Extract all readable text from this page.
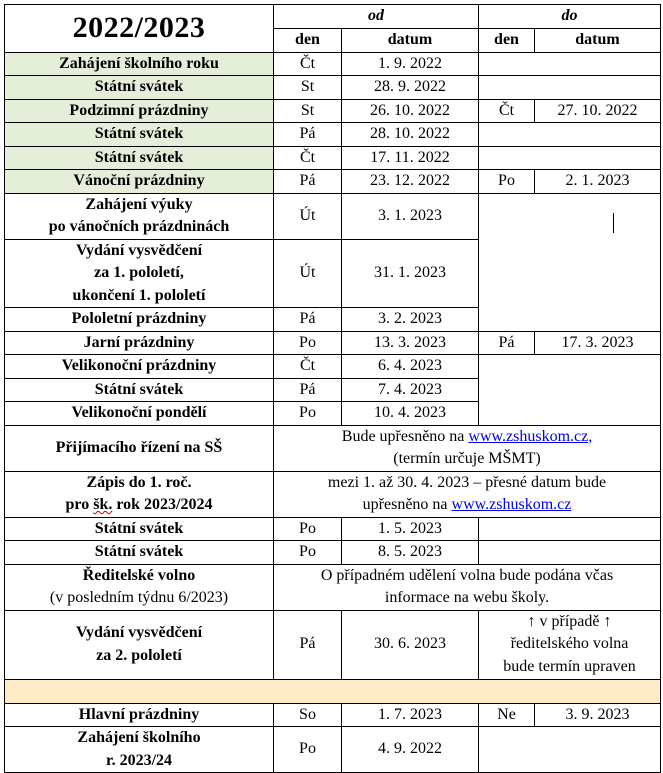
2022/2023	od		do	
	den	datum	den	datum
Zahájení školního roku	Čt	1. 9. 2022		
Státní svátek	St	28. 9. 2022		
Podzimní prázdniny	St	26. 10. 2022	Čt	27. 10. 2022
Státní svátek	Pá	28. 10. 2022		
Státní svátek	Čt	17. 11. 2022		
Vánoční prázdniny	Pá	23. 12. 2022	Po	2. 1. 2023

Zahájení výuky
po vánočních prázdninách	Út	3. 1. 2023		

Vydání vysvědčení
za 1. pololetí,
ukončení 1. pololetí	Út	31. 1. 2023		
Pololetní prázdniny	Pá	3. 2. 2023		
Jarní prázdniny	Po	13. 3. 2023	Pá	17. 3. 2023
Velikonoční prázdniny	Čt	6. 4. 2023		
Státní svátek	Pá	7. 4. 2023		
Velikonoční pondělí	Po	10. 4. 2023		
Přijímacího řízení na SŠ	Bude upřesněno na www.zshuskom.cz,
(termín určuje MŠMT)			

Zápis do 1. roč.
pro šk. rok 2023/2024	mezi 1. až 30. 4. 2023 – přesné datum bude
upřesněno na www.zshuskom.cz			

Státní svátek	Po	1. 5. 2023		
Státní svátek	Po	8. 5. 2023		

Ředitelské volno
(v posledním týdnu 6/2023)	O případném udělení volna bude podána včas
informace na webu školy.			

Vydání vysvědčení
za 2. pololetí	Pá	30. 6. 2023	↑ v případě ↑
ředitelského volna
bude termín upraven	

Hlavní prázdniny	So	1. 7. 2023	Ne	3. 9. 2023

Zahájení školního
r. 2023/24	Po	4. 9. 2022		
